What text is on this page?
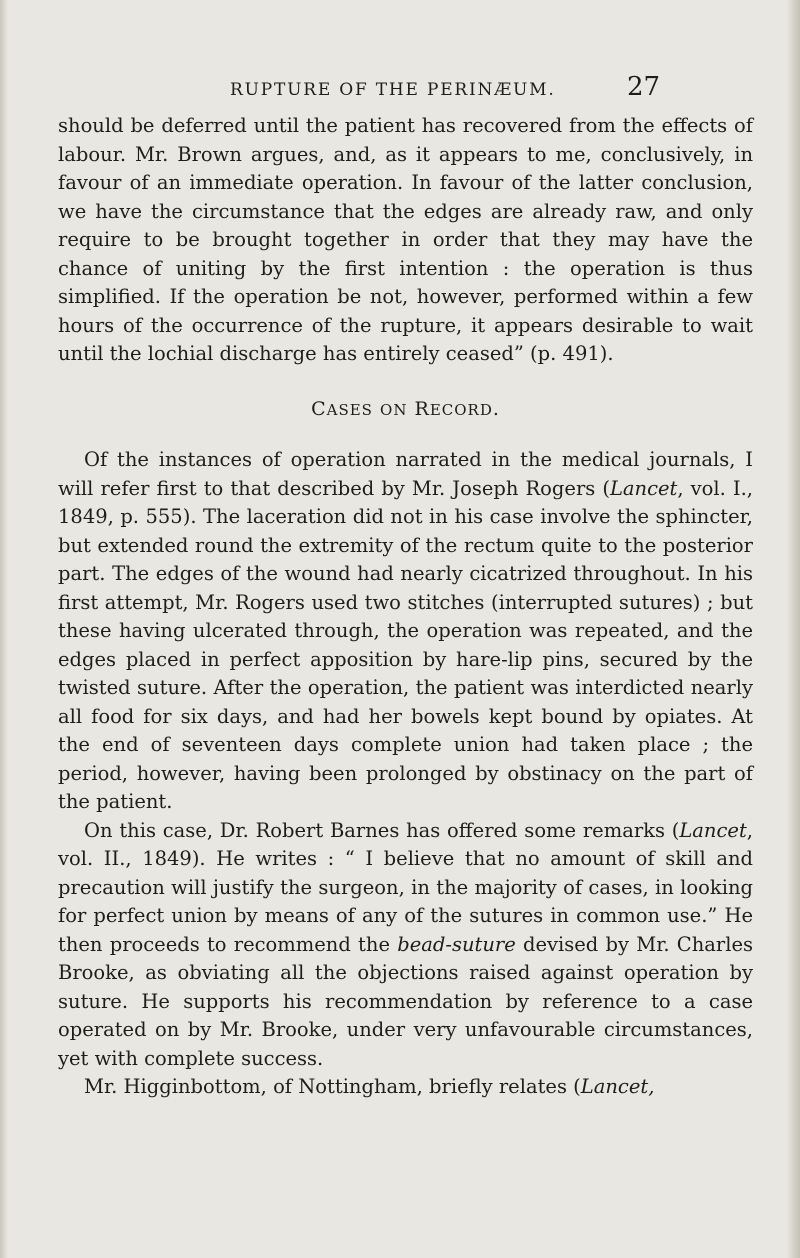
RUPTURE OF THE PERINÆUM.	27

should be deferred until the patient has recovered from the effects of labour. Mr. Brown argues, and, as it appears to me, conclusively, in favour of an immediate operation. In favour of the latter conclusion, we have the circumstance that the edges are already raw, and only require to be brought together in order that they may have the chance of uniting by the first intention : the operation is thus simplified. If the operation be not, however, performed within a few hours of the occurrence of the rupture, it appears desirable to wait until the lochial discharge has entirely ceased” (p. 491).

CASES ON RECORD.

Of the instances of operation narrated in the medical journals, I will refer first to that described by Mr. Joseph Rogers (Lancet, vol. I., 1849, p. 555). The laceration did not in his case involve the sphincter, but extended round the extremity of the rectum quite to the posterior part. The edges of the wound had nearly cicatrized throughout. In his first attempt, Mr. Rogers used two stitches (interrupted sutures) ; but these having ulcerated through, the operation was repeated, and the edges placed in perfect apposition by hare-lip pins, secured by the twisted suture. After the operation, the patient was interdicted nearly all food for six days, and had her bowels kept bound by opiates. At the end of seventeen days complete union had taken place ; the period, however, having been prolonged by obstinacy on the part of the patient.

On this case, Dr. Robert Barnes has offered some remarks (Lancet, vol. II., 1849). He writes : “ I believe that no amount of skill and precaution will justify the surgeon, in the majority of cases, in looking for perfect union by means of any of the sutures in common use.” He then proceeds to recommend the bead-suture devised by Mr. Charles Brooke, as obviating all the objections raised against operation by suture. He supports his recommendation by reference to a case operated on by Mr. Brooke, under very unfavourable circumstances, yet with complete success.

Mr. Higginbottom, of Nottingham, briefly relates (Lancet,
